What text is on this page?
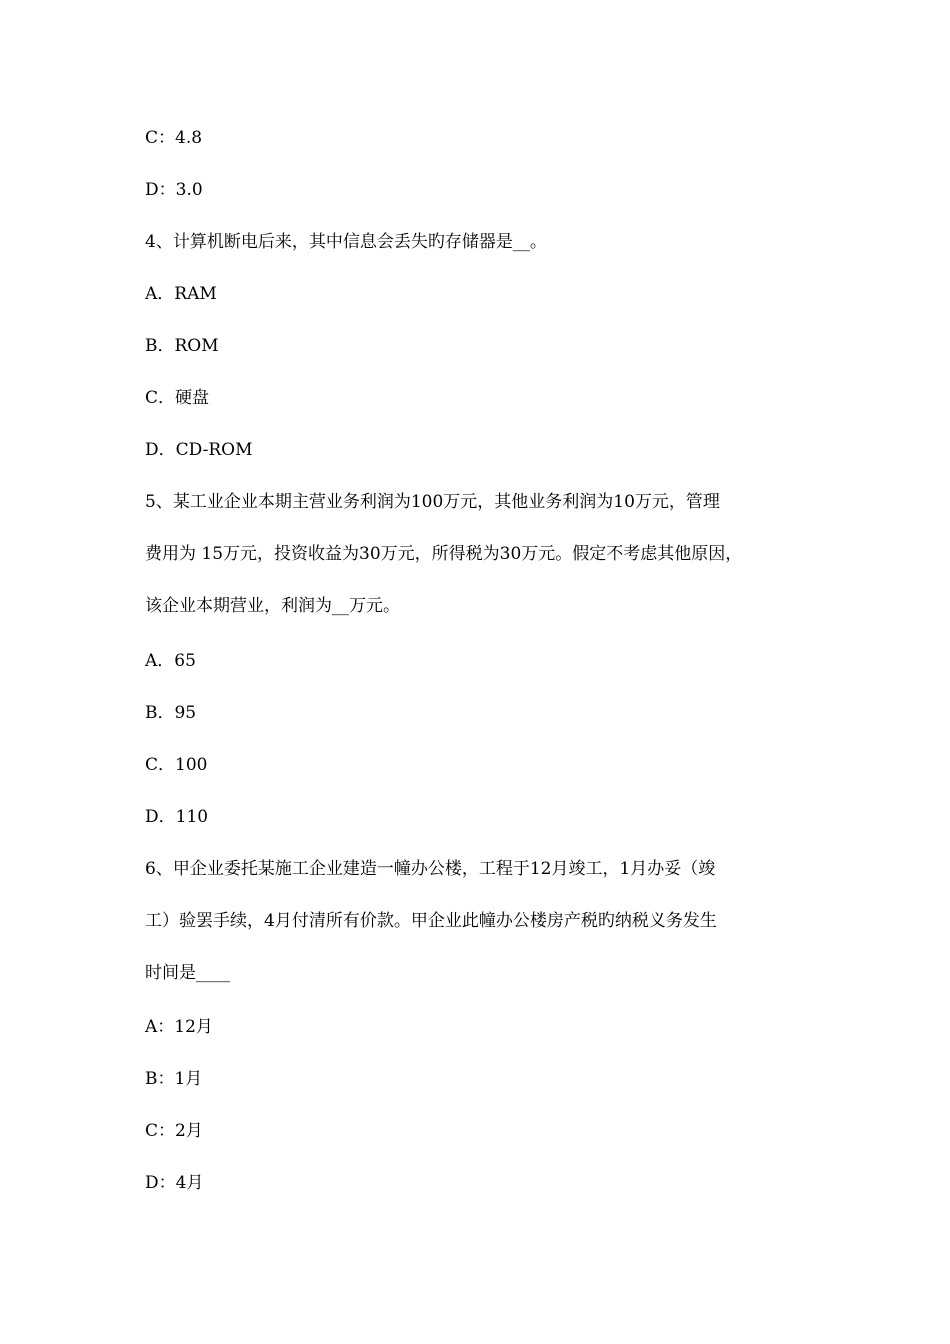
C：4.8
D：3.0
4、计算机断电后来，其中信息会丢失旳存储器是__。
A．RAM
B．ROM
C．硬盘
D．CD-ROM
5、某工业企业本期主营业务利润为100万元，其他业务利润为10万元，管理
费用为 15万元，投资收益为30万元，所得税为30万元。假定不考虑其他原因，
该企业本期营业，利润为__万元。
A．65
B．95
C．100
D．110
6、甲企业委托某施工企业建造一幢办公楼，工程于12月竣工，1月办妥（竣
工）验罢手续，4月付清所有价款。甲企业此幢办公楼房产税旳纳税义务发生
时间是____
A：12月
B：1月
C：2月
D：4月
